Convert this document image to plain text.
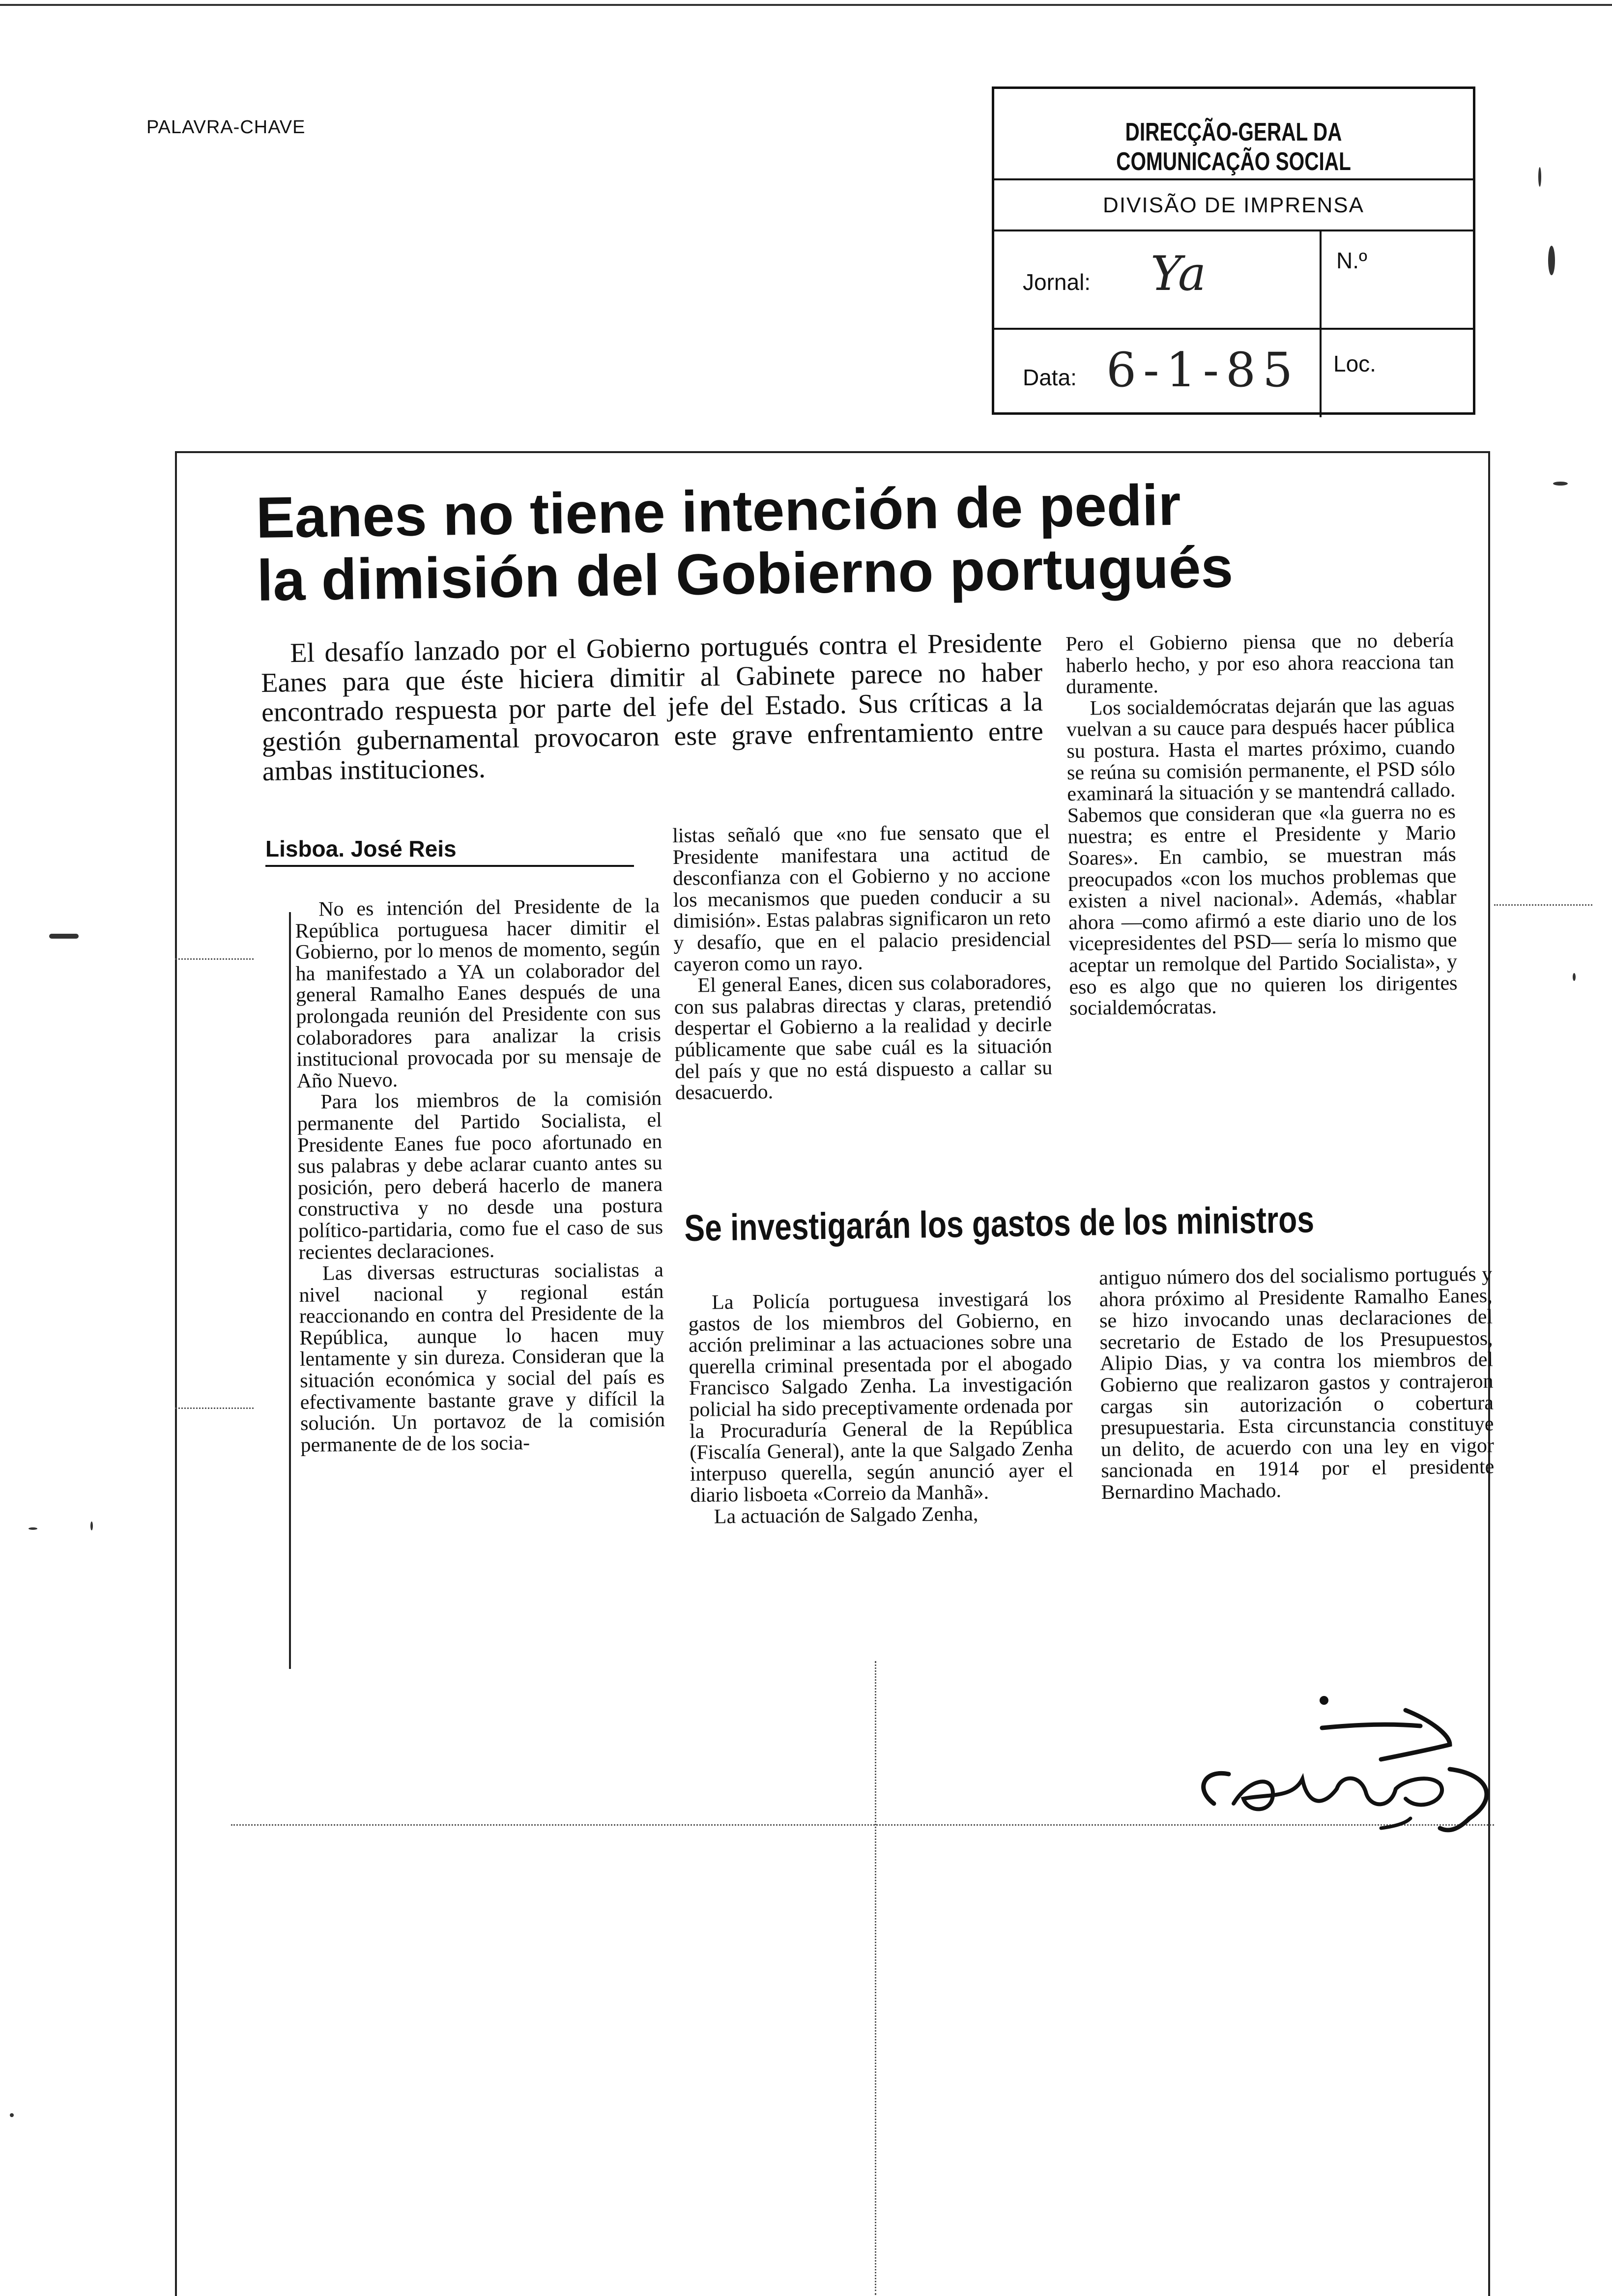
PALAVRA-CHAVE	DIRECÇÃO-GERAL DA COMUNICAÇÃO SOCIAL
DIVISÃO DE IMPRENSA
Jornal: Ya	N.º
Data: 6-1-85 Loc.
Eanes no tiene intención de pedir
la dimisión del Gobierno portugués

El desafío lanzado por el Gobierno portugués contra el Presidente Eanes para que éste hiciera dimitir al Gabinete parece no haber encontrado respuesta por parte del jefe del Estado. Sus críticas a la gestión gubernamental provocaron este grave enfrentamiento entre ambas instituciones.

Lisboa. José Reis

No es intención del Presidente de la República portuguesa hacer dimitir el Gobierno, por lo menos de momento, según ha manifestado a YA un colaborador del general Ramalho Eanes después de una prolongada reunión del Presidente con sus colaboradores para analizar la crisis institucional provocada por su mensaje de Año Nuevo.

Para los miembros de la comisión permanente del Partido Socialista, el Presidente Eanes fue poco afortunado en sus palabras y debe aclarar cuanto antes su posición, pero deberá hacerlo de manera constructiva y no desde una postura político-partidaria, como fue el caso de sus recientes declaraciones.

Las diversas estructuras socialistas a nivel nacional y regional están reaccionando en contra del Presidente de la República, aunque lo hacen muy lentamente y sin dureza. Consideran que la situación económica y social del país es efectivamente bastante grave y difícil la solución. Un portavoz de la comisión permanente de de los socia-

listas señaló que «no fue sensato que el Presidente manifestara una actitud de desconfianza con el Gobierno y no accione los mecanismos que pueden conducir a su dimisión». Estas palabras significaron un reto y desafío, que en el palacio presidencial cayeron como un rayo.

El general Eanes, dicen sus colaboradores, con sus palabras directas y claras, pretendió despertar el Gobierno a la realidad y decirle públicamente que sabe cuál es la situación del país y que no está dispuesto a callar su desacuerdo.

Pero el Gobierno piensa que no debería haberlo hecho, y por eso ahora reacciona tan duramente.

Los socialdemócratas dejarán que las aguas vuelvan a su cauce para después hacer pública su postura. Hasta el martes próximo, cuando se reúna su comisión permanente, el PSD sólo examinará la situación y se mantendrá callado. Sabemos que consideran que «la guerra no es nuestra; es entre el Presidente y Mario Soares». En cambio, se muestran más preocupados «con los muchos problemas que existen a nivel nacional». Además, «hablar ahora —como afirmó a este diario uno de los vicepresidentes del PSD— sería lo mismo que aceptar un remolque del Partido Socialista», y eso es algo que no quieren los dirigentes socialdemócratas.

Se investigarán los gastos de los ministros

La Policía portuguesa investigará los gastos de los miembros del Gobierno, en acción preliminar a las actuaciones sobre una querella criminal presentada por el abogado Francisco Salgado Zenha. La investigación policial ha sido preceptivamente ordenada por la Procuraduría General de la República (Fiscalía General), ante la que Salgado Zenha interpuso querella, según anunció ayer el diario lisboeta «Correio da Manhã».

La actuación de Salgado Zenha,

antiguo número dos del socialismo portugués y ahora próximo al Presidente Ramalho Eanes, se hizo invocando unas declaraciones del secretario de Estado de los Presupuestos, Alipio Dias, y va contra los miembros del Gobierno que realizaron gastos y contrajeron cargas sin autorización o cobertura presupuestaria. Esta circunstancia constituye un delito, de acuerdo con una ley en vigor sancionada en 1914 por el presidente Bernardino Machado.
